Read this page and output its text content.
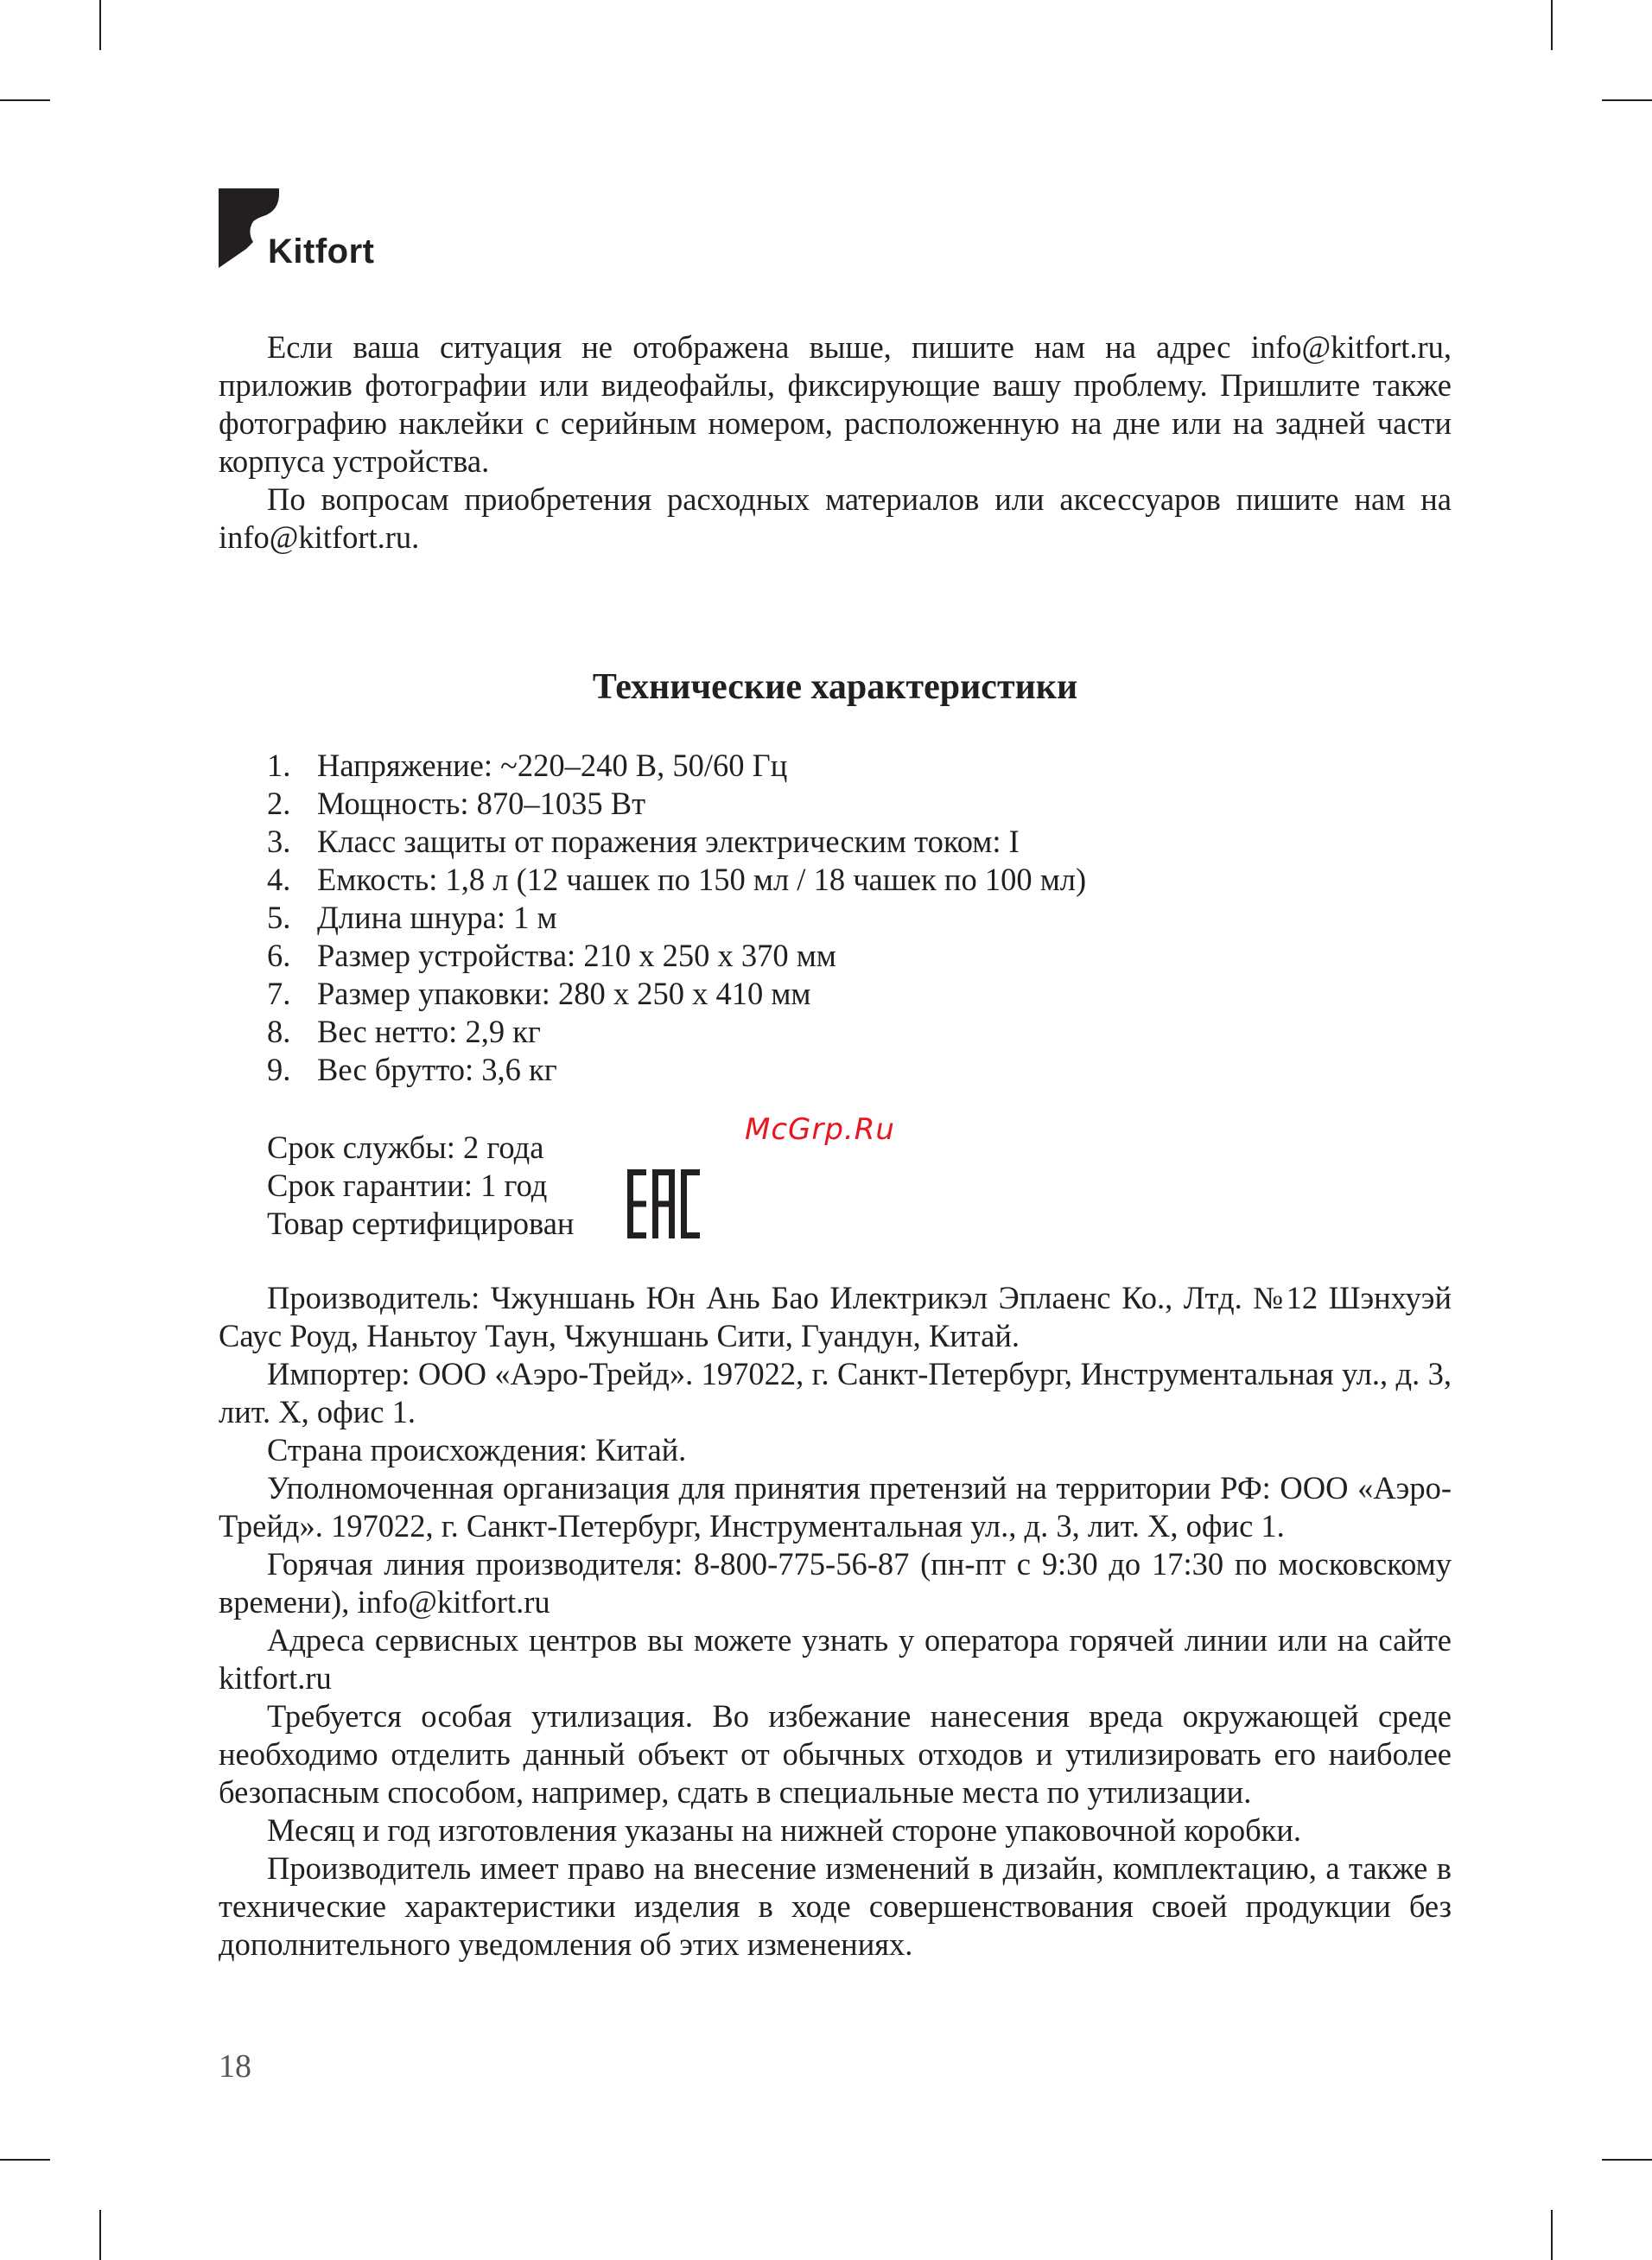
Kitfort

Если ваша ситуация не отображена выше, пишите нам на адрес info@kitfort.ru, приложив фотографии или видеофайлы, фиксирующие вашу проблему. Пришлите также фотографию наклейки с серийным номером, расположенную на дне или на задней части корпуса устройства.

По вопросам приобретения расходных материалов или аксессуаров пишите нам на info@kitfort.ru.

Технические характеристики
1. Напряжение: ~220–240 В, 50/60 Гц
2. Мощность: 870–1035 Вт
3. Класс защиты от поражения электрическим током: I
4. Емкость: 1,8 л (12 чашек по 150 мл / 18 чашек по 100 мл)
5. Длина шнура: 1 м
6. Размер устройства: 210 x 250 x 370 мм
7. Размер упаковки: 280 x 250 x 410 мм
8. Вес нетто: 2,9 кг
9. Вес брутто: 3,6 кг
Срок службы: 2 года
Срок гарантии: 1 год
Товар сертифицирован
McGrp.Ru

Производитель: Чжуншань Юн Ань Бао Илектрикэл Эплаенс Ко., Лтд. №12 Шэнхуэй Саус Роуд, Наньтоу Таун, Чжуншань Сити, Гуандун, Китай.

Импортер: ООО «Аэро-Трейд». 197022, г. Санкт-Петербург, Инструментальная ул., д. 3, лит. Х, офис 1.

Страна происхождения: Китай.

Уполномоченная организация для принятия претензий на территории РФ: ООО «Аэро-Трейд». 197022, г. Санкт-Петербург, Инструментальная ул., д. 3, лит. Х, офис 1.

Горячая линия производителя: 8-800-775-56-87 (пн-пт с 9:30 до 17:30 по московскому времени), info@kitfort.ru

Адреса сервисных центров вы можете узнать у оператора горячей линии или на сайте kitfort.ru

Требуется особая утилизация. Во избежание нанесения вреда окружающей среде необходимо отделить данный объект от обычных отходов и утилизировать его наиболее безопасным способом, например, сдать в специальные места по утилизации.

Месяц и год изготовления указаны на нижней стороне упаковочной коробки.

Производитель имеет право на внесение изменений в дизайн, комплектацию, а также в технические характеристики изделия в ходе совершенствования своей продукции без дополнительного уведомления об этих изменениях.

18
